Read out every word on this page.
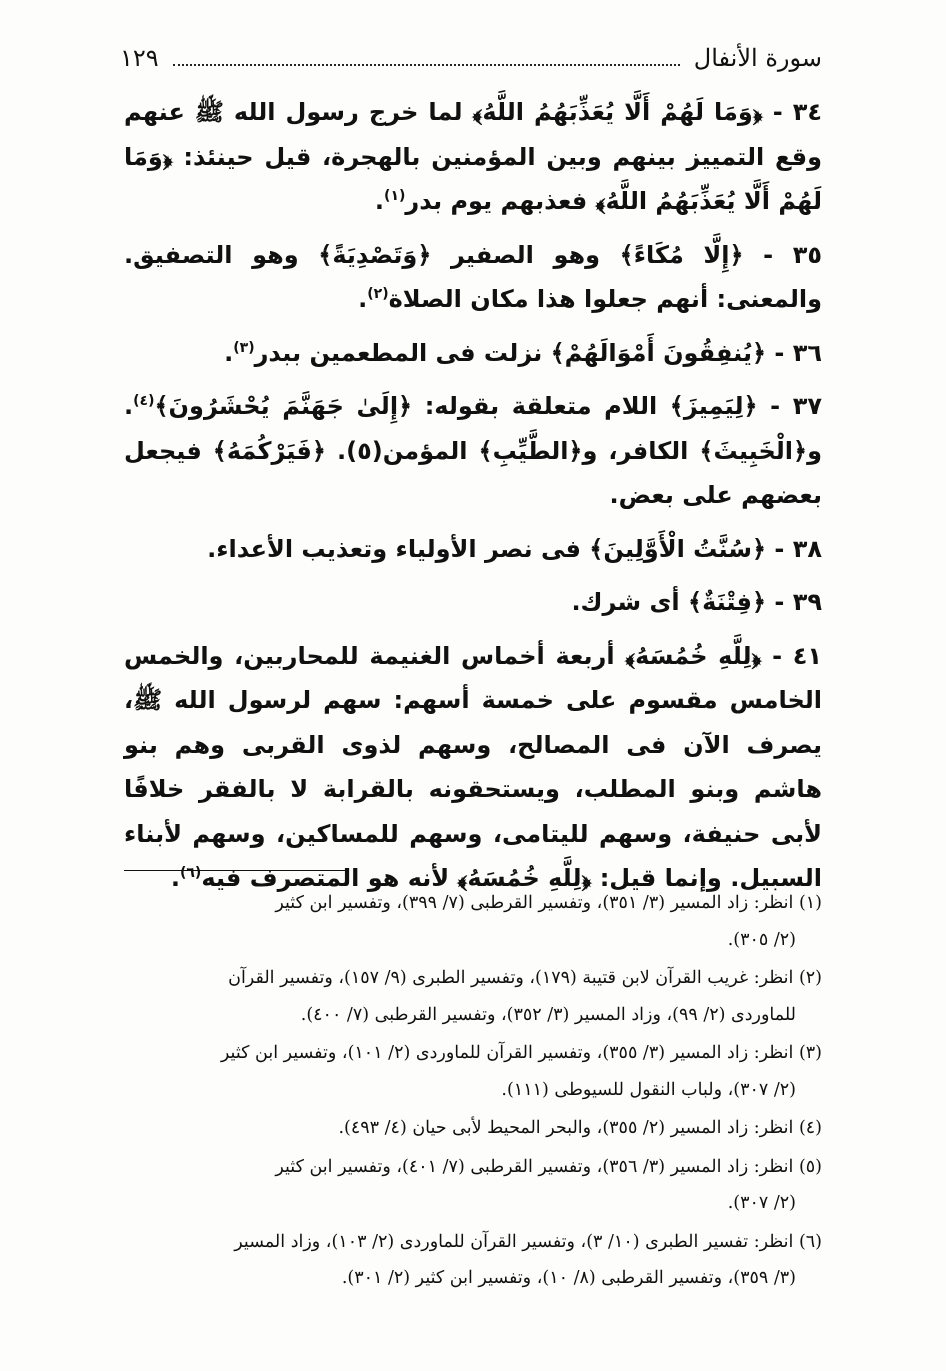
سورة الأنفال
١٢٩

٣٤ - ﴿وَمَا لَهُمْ أَلَّا يُعَذِّبَهُمُ اللَّهُ﴾ لما خرج رسول الله ﷺ عنهم وقع التمييز بينهم وبين المؤمنين بالهجرة، قيل حينئذ: ﴿وَمَا لَهُمْ أَلَّا يُعَذِّبَهُمُ اللَّهُ﴾ فعذبهم يوم بدر$^{(١)}$.

٣٥ - ﴿إِلَّا مُكَاءً﴾ وهو الصفير ﴿وَتَصْدِيَةً﴾ وهو التصفيق. والمعنى: أنهم جعلوا هذا مكان الصلاة$^{(٢)}$.

٣٦ - ﴿يُنفِقُونَ أَمْوَالَهُمْ﴾ نزلت فى المطعمين ببدر$^{(٣)}$.

٣٧ - ﴿لِيَمِيزَ﴾ اللام متعلقة بقوله: ﴿إِلَىٰ جَهَنَّمَ يُحْشَرُونَ﴾$^{(٤)}$. و﴿الْخَبِيثَ﴾ الكافر، و﴿الطَّيِّبِ﴾ المؤمن(٥). ﴿فَيَرْكُمَهُ﴾ فيجعل بعضهم على بعض.

٣٨ - ﴿سُنَّتُ الْأَوَّلِينَ﴾ فى نصر الأولياء وتعذيب الأعداء.

٣٩ - ﴿فِتْنَةٌ﴾ أى شرك.

٤١ - ﴿لِلَّهِ خُمُسَهُ﴾ أربعة أخماس الغنيمة للمحاربين، والخمس الخامس مقسوم على خمسة أسهم: سهم لرسول الله ﷺ، يصرف الآن فى المصالح، وسهم لذوى القربى وهم بنو هاشم وبنو المطلب، ويستحقونه بالقرابة لا بالفقر خلافًا لأبى حنيفة، وسهم لليتامى، وسهم للمساكين، وسهم لأبناء السبيل. وإنما قيل: ﴿لِلَّهِ خُمُسَهُ﴾ لأنه هو المتصرف فيه$^{(٦)}$.

(١) انظر: زاد المسير (٣/ ٣٥١)، وتفسير القرطبى (٧/ ٣٩٩)، وتفسير ابن كثير
(٢/ ٣٠٥).
(٢) انظر: غريب القرآن لابن قتيبة (١٧٩)، وتفسير الطبرى (٩/ ١٥٧)، وتفسير القرآن
للماوردى (٢/ ٩٩)، وزاد المسير (٣/ ٣٥٢)، وتفسير القرطبى (٧/ ٤٠٠).
(٣) انظر: زاد المسير (٣/ ٣٥٥)، وتفسير القرآن للماوردى (٢/ ١٠١)، وتفسير ابن كثير
(٢/ ٣٠٧)، ولباب النقول للسيوطى (١١١).
(٤) انظر: زاد المسير (٢/ ٣٥٥)، والبحر المحيط لأبى حيان (٤/ ٤٩٣).
(٥) انظر: زاد المسير (٣/ ٣٥٦)، وتفسير القرطبى (٧/ ٤٠١)، وتفسير ابن كثير
(٢/ ٣٠٧).
(٦) انظر: تفسير الطبرى (١٠/ ٣)، وتفسير القرآن للماوردى (٢/ ١٠٣)، وزاد المسير
(٣/ ٣٥٩)، وتفسير القرطبى (٨/ ١٠)، وتفسير ابن كثير (٢/ ٣٠١).
